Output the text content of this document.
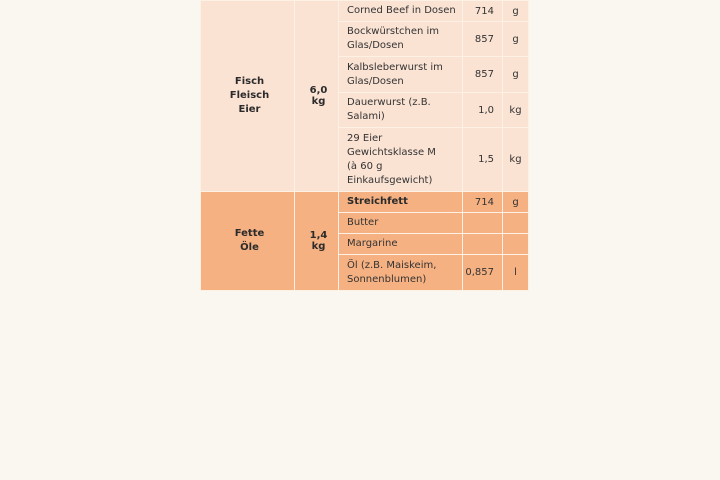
Fisch
Fleisch
Eier	6,0 kg	Corned Beef in Dosen	714	g
		Bockwürstchen im Glas/Dosen	857	g
		Kalbsleberwurst im Glas/Dosen	857	g
		Dauerwurst (z.B. Salami)	1,0	kg
		29 Eier
Gewichtsklasse M
(à 60 g
Einkaufsgewicht)	1,5	kg
Fette
Öle	1,4 kg	Streichfett	714	g
		Butter		
		Margarine		
		Öl (z.B. Maiskeim, Sonnenblumen)	0,857	l
